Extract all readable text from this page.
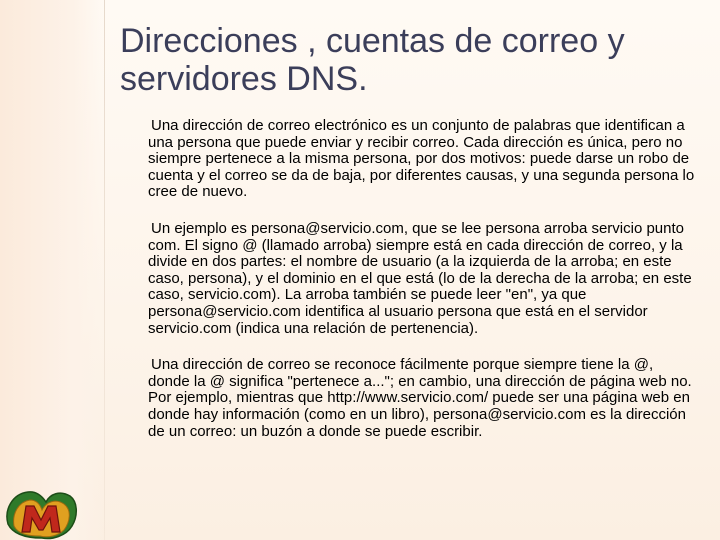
Direcciones , cuentas de correo y servidores DNS.

Una dirección de correo electrónico es un conjunto de palabras que identifican a una persona que puede enviar y recibir correo. Cada dirección es única, pero no siempre pertenece a la misma persona, por dos motivos: puede darse un robo de cuenta y el correo se da de baja, por diferentes causas, y una segunda persona lo cree de nuevo.

Un ejemplo es persona@servicio.com, que se lee persona arroba servicio punto com. El signo @ (llamado arroba) siempre está en cada dirección de correo, y la divide en dos partes: el nombre de usuario (a la izquierda de la arroba; en este caso, persona), y el dominio en el que está (lo de la derecha de la arroba; en este caso, servicio.com). La arroba también se puede leer "en", ya que persona@servicio.com identifica al usuario persona que está en el servidor servicio.com (indica una relación de pertenencia).

Una dirección de correo se reconoce fácilmente porque siempre tiene la @, donde la @ significa "pertenece a..."; en cambio, una dirección de página web no. Por ejemplo, mientras que http://www.servicio.com/ puede ser una página web en donde hay información (como en un libro), persona@servicio.com es la dirección de un correo: un buzón a donde se puede escribir.
